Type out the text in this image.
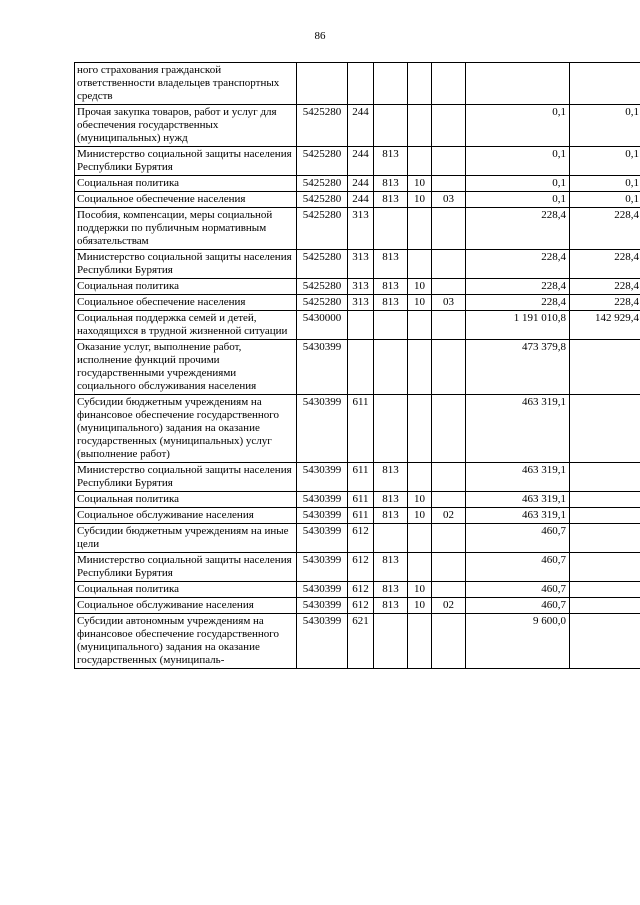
86
ного страхования гражданской ответственности владельцев транспортных средств							
Прочая закупка товаров, работ и услуг для обеспечения государственных (муниципальных) нужд	5425280	244				0,1	0,1
Министерство социальной защиты населения Республики Бурятия	5425280	244	813			0,1	0,1
Социальная политика	5425280	244	813	10		0,1	0,1
Социальное обеспечение населения	5425280	244	813	10	03	0,1	0,1
Пособия, компенсации, меры социальной поддержки по публичным нормативным обязательствам	5425280	313				228,4	228,4
Министерство социальной защиты населения Республики Бурятия	5425280	313	813			228,4	228,4
Социальная политика	5425280	313	813	10		228,4	228,4
Социальное обеспечение населения	5425280	313	813	10	03	228,4	228,4
Социальная поддержка семей и детей, находящихся в трудной жизненной ситуации	5430000					1 191 010,8	142 929,4
Оказание услуг, выполнение работ, исполнение функций прочими государственными учреждениями социального обслуживания населения	5430399					473 379,8	
Субсидии бюджетным учреждениям на финансовое обеспечение государственного (муниципального) задания на оказание государственных (муниципальных) услуг (выполнение работ)	5430399	611				463 319,1	
Министерство социальной защиты населения Республики Бурятия	5430399	611	813			463 319,1	
Социальная политика	5430399	611	813	10		463 319,1	
Социальное обслуживание населения	5430399	611	813	10	02	463 319,1	
Субсидии бюджетным учреждениям на иные цели	5430399	612				460,7	
Министерство социальной защиты населения Республики Бурятия	5430399	612	813			460,7	
Социальная политика	5430399	612	813	10		460,7	
Социальное обслуживание населения	5430399	612	813	10	02	460,7	
Субсидии автономным учреждениям на финансовое обеспечение государственного (муниципального) задания на оказание государственных (муниципаль-	5430399	621				9 600,0	
